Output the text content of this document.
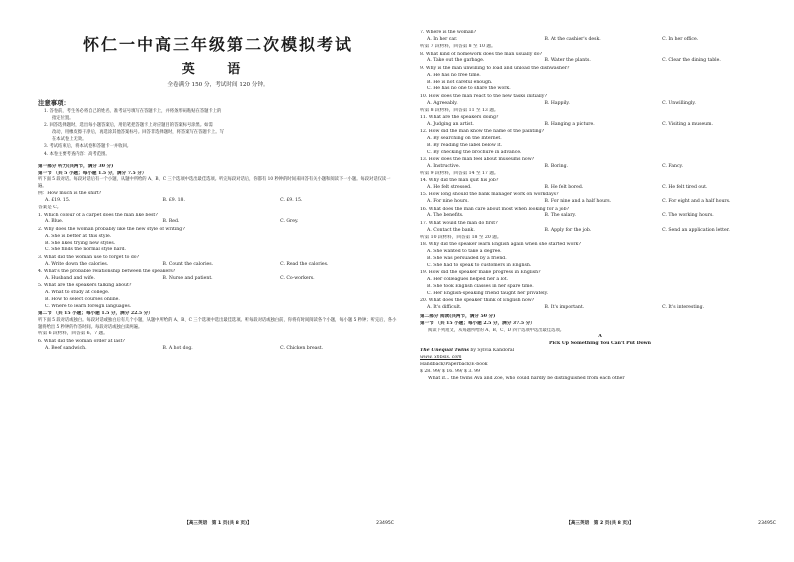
怀仁一中高三年级第二次模拟考试
英 语
全卷满分 150 分，考试时间 120 分钟。
注意事项：
1. 答卷前，考生务必将自己的姓名、准考证号填写在答题卡上，并将条形码粘贴在答题卡上的
指定位置。
2. 回答选择题时，选出每小题答案后，用铅笔把答题卡上对应题目的答案标号涂黑。如需
改动，用橡皮擦干净后，再选涂其他答案标号。回答非选择题时，将答案写在答题卡上。写
在本试卷上无效。
3. 考试结束后，将本试卷和答题卡一并收回。
4. 本卷主要考查内容：高考范围。
第一部分 听力(共两节，满分 30 分)
第一节 （共 5 小题；每小题 1.5 分，满分 7.5 分）
听下面 5 段对话。每段对话后有一个小题，从题中所给的 A、B、C 三个选项中选出最佳选项。听完每段对话后，你都有 10 秒钟的时间来回答有关小题和阅读下一小题。每段对话仅读一遍。
例：How much is the shirt?
A. £19. 15.	B. £9. 18.	C. £9. 15.
答案是 C。
1. Which colour of a carpet does the man like best?
A. Blue.	B. Red.	C. Grey.
2. Why does the woman probably like the new style of writing?
A. She is better at this style.
B. She likes trying new styles.
C. She finds the normal style hard.
3. What did the woman use to forget to do?
A. Write down the calories.	B. Count the calories.	C. Read the calories.
4. What's the probable relationship between the speakers?
A. Husband and wife.	B. Nurse and patient.	C. Co-workers.
5. What are the speakers talking about?
A. What to study at college.
B. How to select courses online.
C. Where to learn foreign languages.
第二节 （共 15 小题；每小题 1.5 分，满分 22.5 分）
听下面 5 段对话或独白。每段对话或独白后有几个小题，从题中所给的 A、B、C 三个选项中选出最佳选项。听每段对话或独白前，你将有时间阅读各个小题，每小题 5 秒钟；听完后，各小题将给出 5 秒钟的作答时间。每段对话或独白读两遍。
听第 6 段材料，回答第 6、7 题。
6. What did the woman order at last?
A. Beef sandwich.	B. A hot dog.	C. Chicken breast.
【高三英语　第 1 页(共 8 页)】	23495C
7. Where is the woman?
A. In her car.	B. At the cashier's desk.	C. In her office.
听第 7 段材料，回答第 8 至 10 题。
8. What kind of homework does the man usually do?
A. Take out the garbage.	B. Water the plants.	C. Clear the dining table.
9. Why is the man unwilling to load and unload the dishwasher?
A. He has no free time.
B. He is not careful enough.
C. He has no one to share the work.
10. How does the man react to the new tasks initially?
A. Agreeably.	B. Happily.	C. Unwillingly.
听第 8 段材料，回答第 11 至 13 题。
11. What are the speakers doing?
A. Judging an artist.	B. Hanging a picture.	C. Visiting a museum.
12. How did the man know the name of the painting?
A. By searching on the Internet.
B. By reading the label below it.
C. By checking the brochure in advance.
13. How does the man feel about museums now?
A. Instructive.	B. Boring.	C. Fancy.
听第 9 段材料，回答第 14 至 17 题。
14. Why did the man quit his job?
A. He felt stressed.	B. He felt bored.	C. He felt tired out.
15. How long should the bank manager work on workdays?
A. For nine hours.	B. For nine and a half hours.	C. For eight and a half hours.
16. What does the man care about most when looking for a job?
A. The benefits.	B. The salary.	C. The working hours.
17. What would the man do first?
A. Contact the bank.	B. Apply for the job.	C. Send an application letter.
听第 10 段材料，回答第 18 至 20 题。
18. Why did the speaker learn English again when she started work?
A. She wanted to take a degree.
B. She was persuaded by a friend.
C. She had to speak to customers in English.
19. How did the speaker make progress in English?
A. Her colleagues helped her a lot.
B. She took English classes in her spare time.
C. Her English-speaking friend taught her privately.
20. What does the speaker think of English now?
A. It's difficult.	B. It's important.	C. It's interesting.
第二部分 阅读(共两节，满分 50 分)
第一节 （共 15 小题；每小题 2.5 分，满分 37.5 分）
阅读下列短文，从每题所给的 A、B、C、D 四个选项中选出最佳选项。
A
Pick Up Something You Can't Put Down
The Unequal Twins by Sylvia Kandoral
www. xhbsls. com
Handback/Paperback/E-book
$ 28. 99/ $ 16. 99/ $ 3. 99
What if… the twins Ava and Zoe, who could hardly be distinguished from each other
【高三英语　第 2 页(共 8 页)】	23495C
